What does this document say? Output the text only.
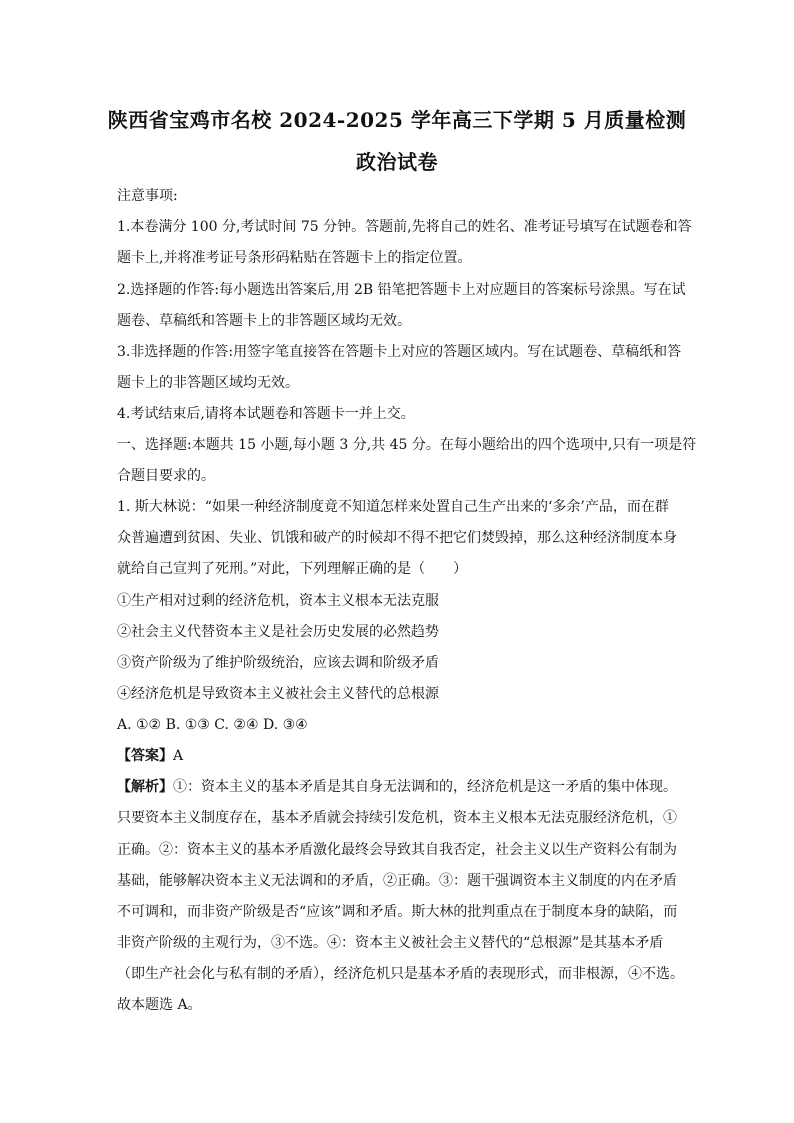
陕西省宝鸡市名校 2024-2025 学年高三下学期 5 月质量检测
政治试卷
注意事项:
1.本卷满分 100 分,考试时间 75 分钟。答题前,先将自己的姓名、准考证号填写在试题卷和答
题卡上,并将准考证号条形码粘贴在答题卡上的指定位置。
2.选择题的作答:每小题选出答案后,用 2B 铅笔把答题卡上对应题目的答案标号涂黑。写在试
题卷、草稿纸和答题卡上的非答题区域均无效。
3.非选择题的作答:用签字笔直接答在答题卡上对应的答题区域内。写在试题卷、草稿纸和答
题卡上的非答题区域均无效。
4.考试结束后,请将本试题卷和答题卡一并上交。
一、选择题:本题共 15 小题,每小题 3 分,共 45 分。在每小题给出的四个选项中,只有一项是符
合题目要求的。
1. 斯大林说：“如果一种经济制度竟不知道怎样来处置自己生产出来的‘多余’产品，而在群
众普遍遭到贫困、失业、饥饿和破产的时候却不得不把它们焚毁掉，那么这种经济制度本身
就给自己宣判了死刑。”对此，下列理解正确的是（　　）
①生产相对过剩的经济危机，资本主义根本无法克服
②社会主义代替资本主义是社会历史发展的必然趋势
③资产阶级为了维护阶级统治，应该去调和阶级矛盾
④经济危机是导致资本主义被社会主义替代的总根源
A. ①② B. ①③ C. ②④ D. ③④
【答案】A
【解析】①：资本主义的基本矛盾是其自身无法调和的，经济危机是这一矛盾的集中体现。
只要资本主义制度存在，基本矛盾就会持续引发危机，资本主义根本无法克服经济危机，①
正确。②：资本主义的基本矛盾激化最终会导致其自我否定，社会主义以生产资料公有制为
基础，能够解决资本主义无法调和的矛盾，②正确。③：题干强调资本主义制度的内在矛盾
不可调和，而非资产阶级是否“应该”调和矛盾。斯大林的批判重点在于制度本身的缺陷，而
非资产阶级的主观行为，③不选。④：资本主义被社会主义替代的“总根源”是其基本矛盾
（即生产社会化与私有制的矛盾），经济危机只是基本矛盾的表现形式，而非根源，④不选。
故本题选 A。
